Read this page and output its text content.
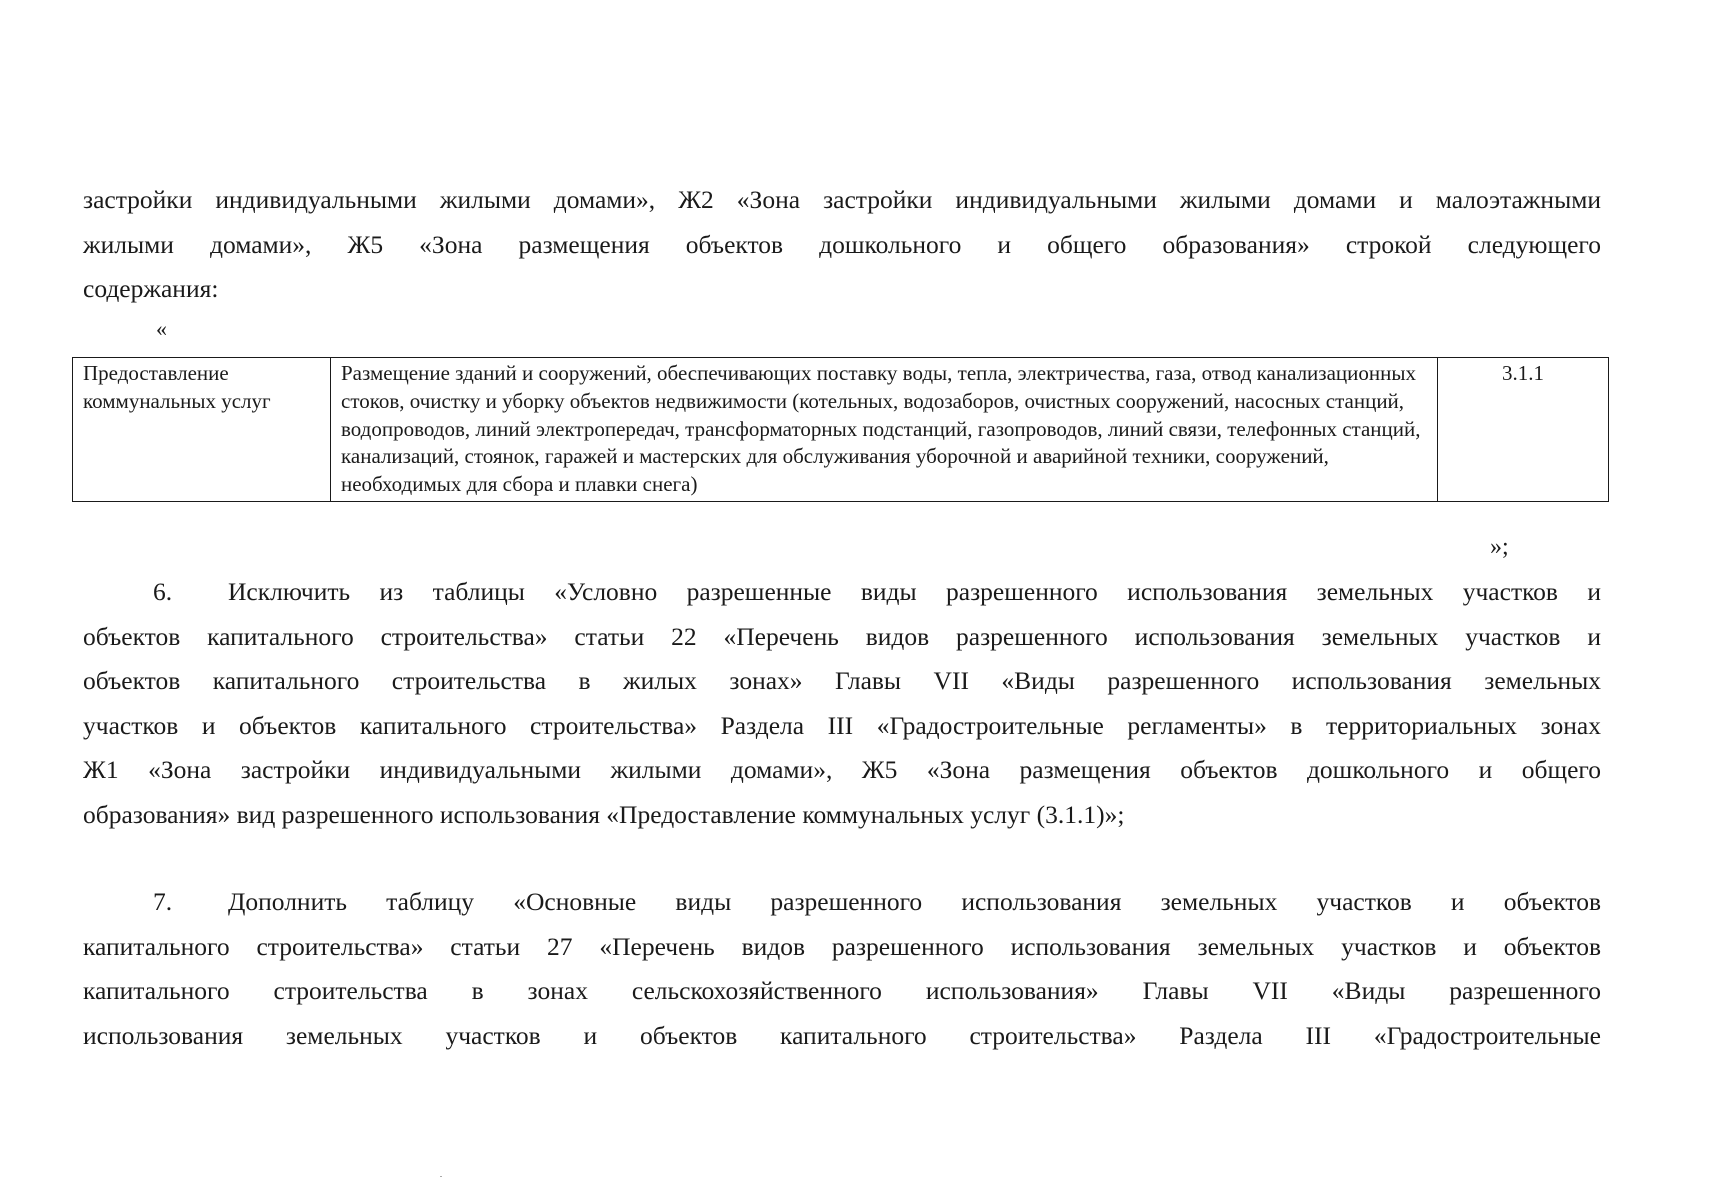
застройки индивидуальными жилыми домами», Ж2 «Зона застройки индивидуальными жилыми домами и малоэтажными
жилыми домами», Ж5 «Зона размещения объектов дошкольного и общего образования» строкой следующего
содержания:
«
Предоставление коммунальных услуг	Размещение зданий и сооружений, обеспечивающих поставку воды, тепла, электричества, газа, отвод канализационных стоков, очистку и уборку объектов недвижимости (котельных, водозаборов, очистных сооружений, насосных станций, водопроводов, линий электропередач, трансформаторных подстанций, газопроводов, линий связи, телефонных станций, канализаций, стоянок, гаражей и мастерских для обслуживания уборочной и аварийной техники, сооружений, необходимых для сбора и плавки снега)	3.1.1
»;
6. Исключить из таблицы «Условно разрешенные виды разрешенного использования земельных участков и
объектов капитального строительства» статьи 22 «Перечень видов разрешенного использования земельных участков и
объектов капитального строительства в жилых зонах» Главы VII «Виды разрешенного использования земельных
участков и объектов капитального строительства» Раздела III «Градостроительные регламенты» в территориальных зонах
Ж1 «Зона застройки индивидуальными жилыми домами», Ж5 «Зона размещения объектов дошкольного и общего
образования» вид разрешенного использования «Предоставление коммунальных услуг (3.1.1)»;
7. Дополнить таблицу «Основные виды разрешенного использования земельных участков и объектов
капитального строительства» статьи 27 «Перечень видов разрешенного использования земельных участков и объектов
капитального строительства в зонах сельскохозяйственного использования» Главы VII «Виды разрешенного
использования земельных участков и объектов капитального строительства» Раздела III «Градостроительные
